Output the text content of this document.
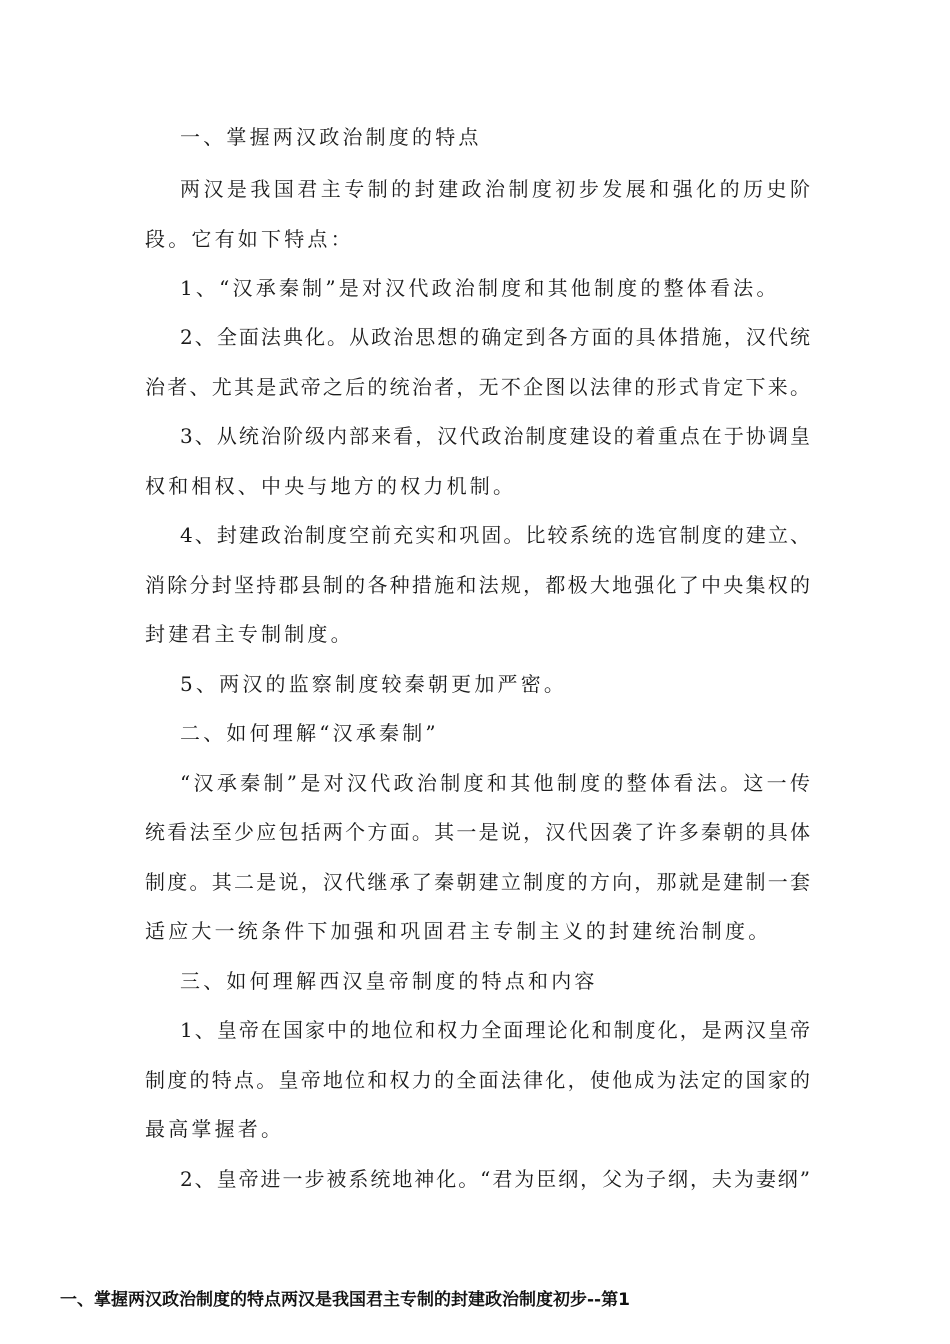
一、掌握两汉政治制度的特点
两汉是我国君主专制的封建政治制度初步发展和强化的历史阶
段。它有如下特点：
1、“汉承秦制”是对汉代政治制度和其他制度的整体看法。
2、全面法典化。从政治思想的确定到各方面的具体措施，汉代统
治者、尤其是武帝之后的统治者，无不企图以法律的形式肯定下来。
3、从统治阶级内部来看，汉代政治制度建设的着重点在于协调皇
权和相权、中央与地方的权力机制。
4、封建政治制度空前充实和巩固。比较系统的选官制度的建立、
消除分封坚持郡县制的各种措施和法规，都极大地强化了中央集权的
封建君主专制制度。
5、两汉的监察制度较秦朝更加严密。
二、如何理解“汉承秦制”
“汉承秦制”是对汉代政治制度和其他制度的整体看法。这一传
统看法至少应包括两个方面。其一是说，汉代因袭了许多秦朝的具体
制度。其二是说，汉代继承了秦朝建立制度的方向，那就是建制一套
适应大一统条件下加强和巩固君主专制主义的封建统治制度。
三、如何理解西汉皇帝制度的特点和内容
1、皇帝在国家中的地位和权力全面理论化和制度化，是两汉皇帝
制度的特点。皇帝地位和权力的全面法律化，使他成为法定的国家的
最高掌握者。
2、皇帝进一步被系统地神化。“君为臣纲，父为子纲，夫为妻纲”
一、掌握两汉政治制度的特点两汉是我国君主专制的封建政治制度初步--第1
